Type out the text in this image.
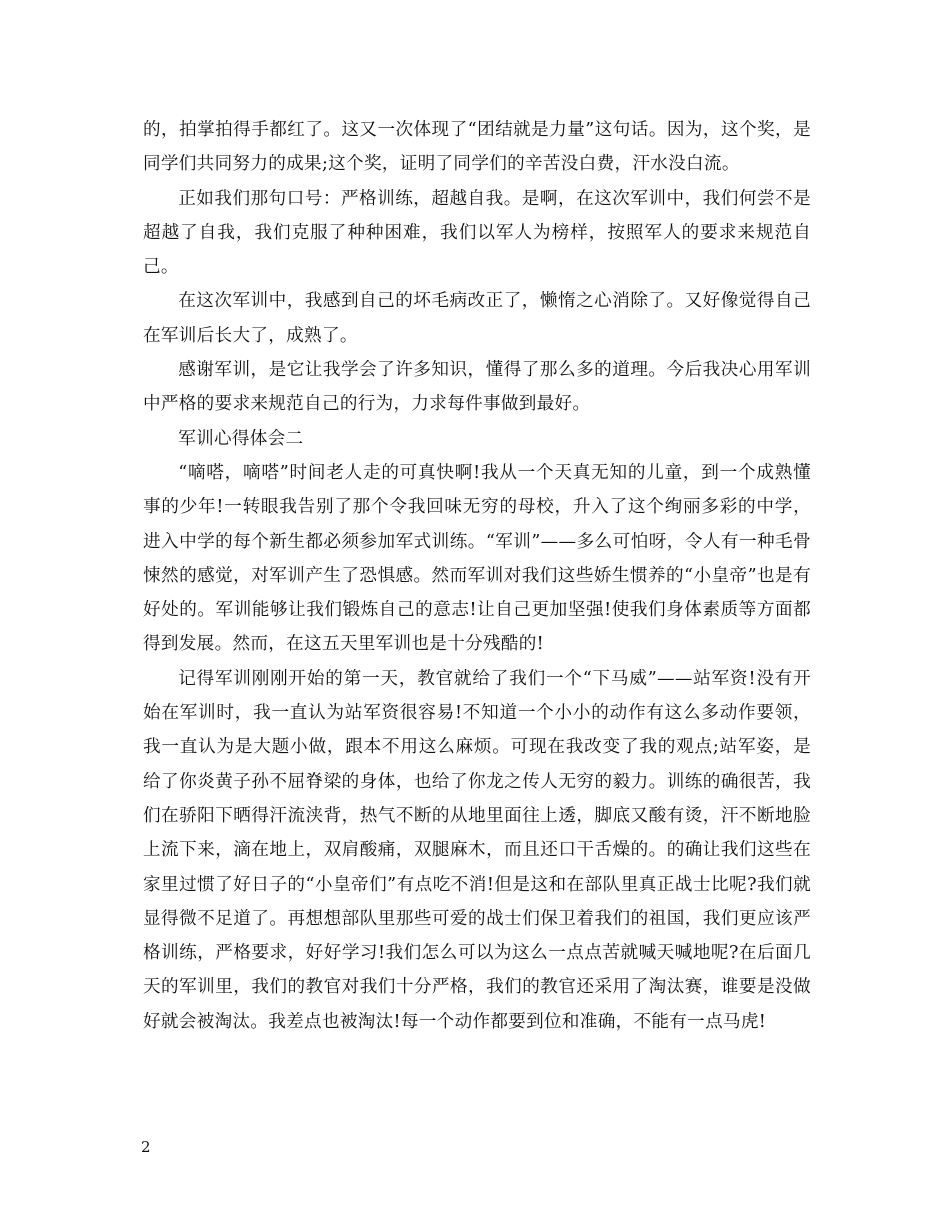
的，拍掌拍得手都红了。这又一次体现了“团结就是力量”这句话。因为，这个奖，是同学们共同努力的成果;这个奖，证明了同学们的辛苦没白费，汗水没白流。

正如我们那句口号：严格训练，超越自我。是啊，在这次军训中，我们何尝不是超越了自我，我们克服了种种困难，我们以军人为榜样，按照军人的要求来规范自己。

在这次军训中，我感到自己的坏毛病改正了，懒惰之心消除了。又好像觉得自己在军训后长大了，成熟了。

感谢军训，是它让我学会了许多知识，懂得了那么多的道理。今后我决心用军训中严格的要求来规范自己的行为，力求每件事做到最好。

军训心得体会二

“嘀嗒，嘀嗒”时间老人走的可真快啊!我从一个天真无知的儿童，到一个成熟懂事的少年!一转眼我告别了那个令我回味无穷的母校，升入了这个绚丽多彩的中学，进入中学的每个新生都必须参加军式训练。“军训”——多么可怕呀，令人有一种毛骨悚然的感觉，对军训产生了恐惧感。然而军训对我们这些娇生惯养的“小皇帝”也是有好处的。军训能够让我们锻炼自己的意志!让自己更加坚强!使我们身体素质等方面都得到发展。然而，在这五天里军训也是十分残酷的!

记得军训刚刚开始的第一天，教官就给了我们一个“下马威”——站军资!没有开始在军训时，我一直认为站军资很容易!不知道一个小小的动作有这么多动作要领，我一直认为是大题小做，跟本不用这么麻烦。可现在我改变了我的观点;站军姿，是给了你炎黄子孙不屈脊梁的身体，也给了你龙之传人无穷的毅力。训练的确很苦，我们在骄阳下晒得汗流浃背，热气不断的从地里面往上透，脚底又酸有烫，汗不断地脸上流下来，滴在地上，双肩酸痛，双腿麻木，而且还口干舌燥的。的确让我们这些在家里过惯了好日子的“小皇帝们”有点吃不消!但是这和在部队里真正战士比呢?我们就显得微不足道了。再想想部队里那些可爱的战士们保卫着我们的祖国，我们更应该严格训练，严格要求，好好学习!我们怎么可以为这么一点点苦就喊天喊地呢?在后面几天的军训里，我们的教官对我们十分严格，我们的教官还采用了淘汰赛，谁要是没做好就会被淘汰。我差点也被淘汰!每一个动作都要到位和准确，不能有一点马虎!

2
